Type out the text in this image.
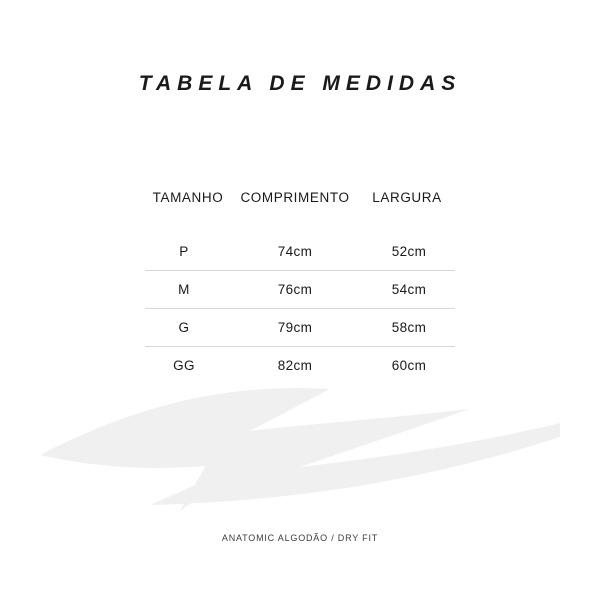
TABELA DE MEDIDAS
TAMANHO	COMPRIMENTO	LARGURA
P	74cm	52cm
M	76cm	54cm
G	79cm	58cm
GG	82cm	60cm
ANATOMIC ALGODÃO / DRY FIT
